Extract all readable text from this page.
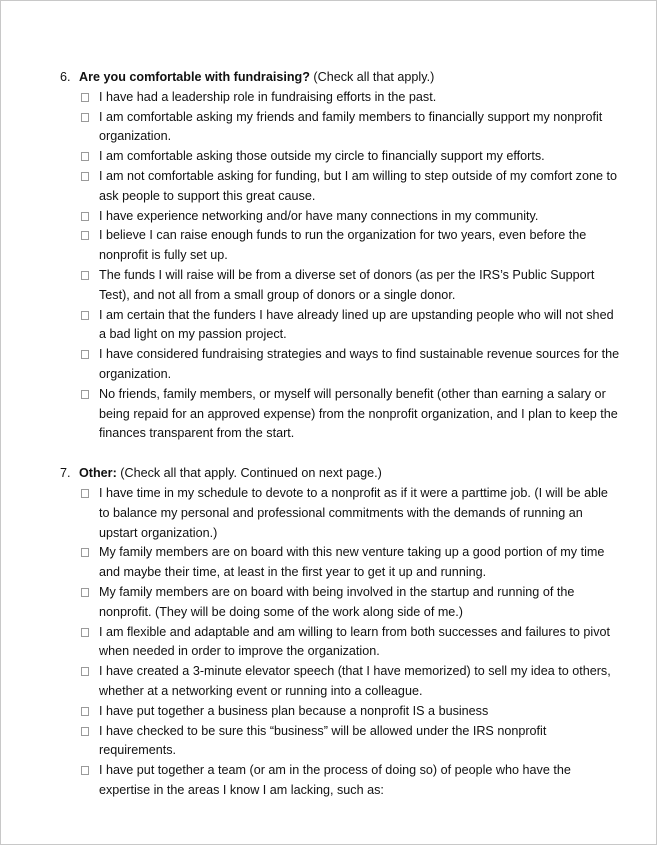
6. Are you comfortable with fundraising? (Check all that apply.)
I have had a leadership role in fundraising efforts in the past.
I am comfortable asking my friends and family members to financially support my nonprofit organization.
I am comfortable asking those outside my circle to financially support my efforts.
I am not comfortable asking for funding, but I am willing to step outside of my comfort zone to ask people to support this great cause.
I have experience networking and/or have many connections in my community.
I believe I can raise enough funds to run the organization for two years, even before the nonprofit is fully set up.
The funds I will raise will be from a diverse set of donors (as per the IRS’s Public Support Test), and not all from a small group of donors or a single donor.
I am certain that the funders I have already lined up are upstanding people who will not shed a bad light on my passion project.
I have considered fundraising strategies and ways to find sustainable revenue sources for the organization.
No friends, family members, or myself will personally benefit (other than earning a salary or being repaid for an approved expense) from the nonprofit organization, and I plan to keep the finances transparent from the start.
7. Other: (Check all that apply. Continued on next page.)
I have time in my schedule to devote to a nonprofit as if it were a parttime job. (I will be able to balance my personal and professional commitments with the demands of running an upstart organization.)
My family members are on board with this new venture taking up a good portion of my time and maybe their time, at least in the first year to get it up and running.
My family members are on board with being involved in the startup and running of the nonprofit. (They will be doing some of the work along side of me.)
I am flexible and adaptable and am willing to learn from both successes and failures to pivot when needed in order to improve the organization.
I have created a 3-minute elevator speech (that I have memorized) to sell my idea to others, whether at a networking event or running into a colleague.
I have put together a business plan because a nonprofit IS a business
I have checked to be sure this “business” will be allowed under the IRS nonprofit requirements.
I have put together a team (or am in the process of doing so) of people who have the expertise in the areas I know I am lacking, such as:
